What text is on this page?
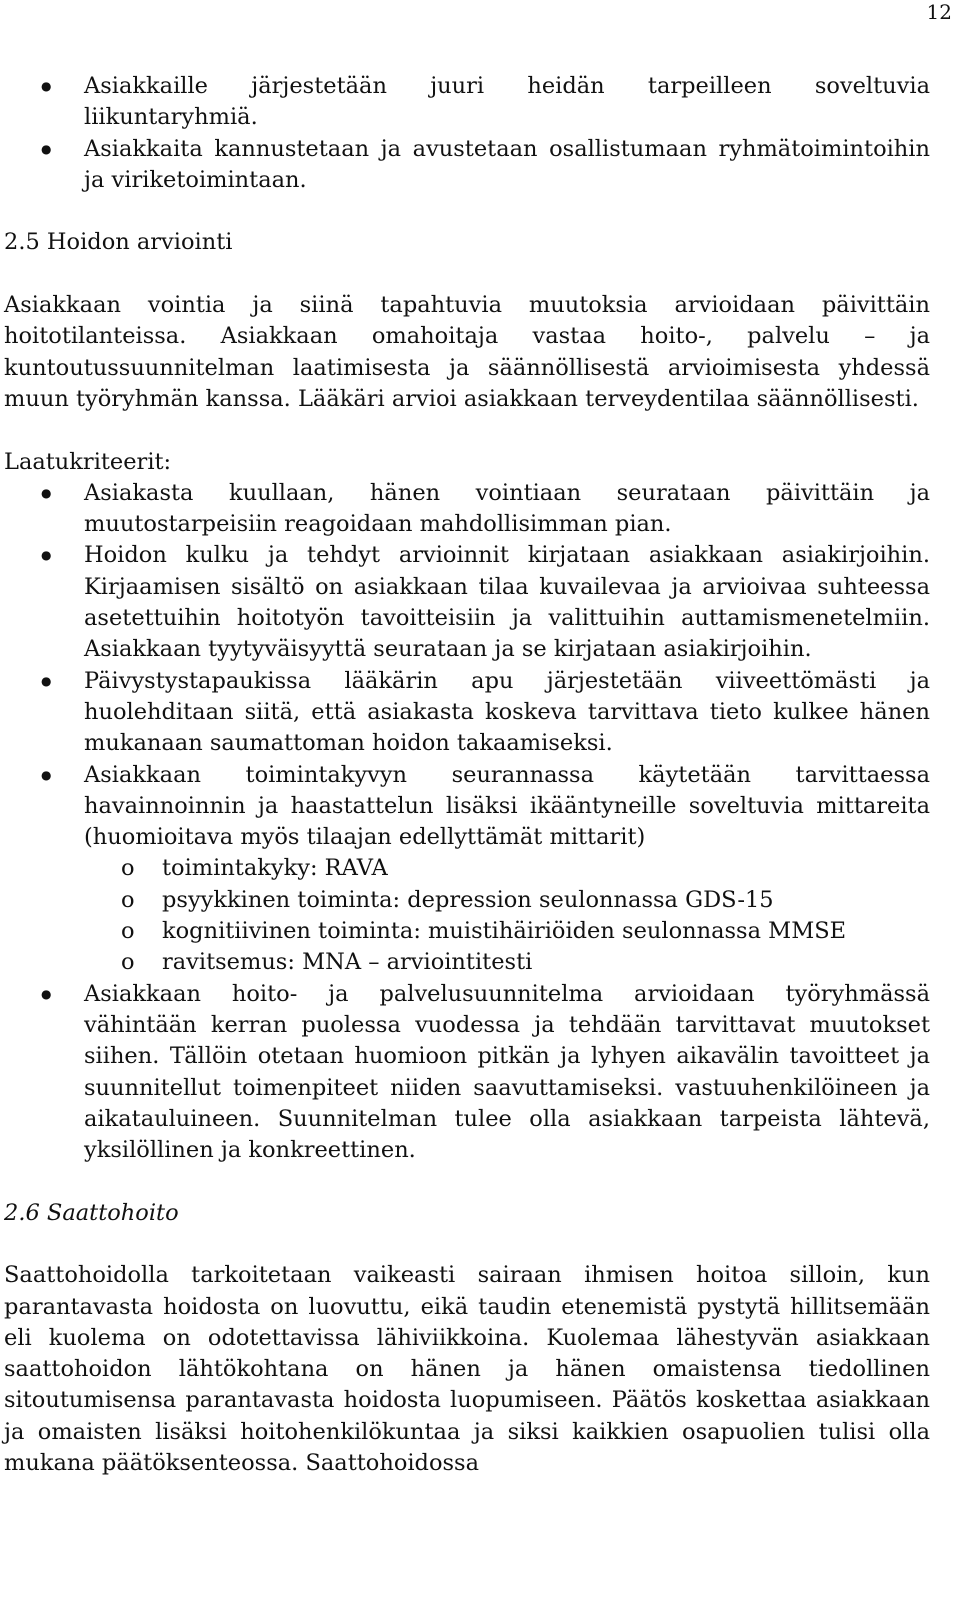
12
● Asiakkaille järjestetään juuri heidän tarpeilleen soveltuvia liikuntaryhmiä.
● Asiakkaita kannustetaan ja avustetaan osallistumaan ryhmätoimintoihin ja viriketoimintaan.

2.5 Hoidon arviointi

Asiakkaan vointia ja siinä tapahtuvia muutoksia arvioidaan päivittäin hoitotilanteissa. Asiakkaan omahoitaja vastaa hoito-, palvelu – ja kuntoutussuunnitelman laatimisesta ja säännöllisestä arvioimisesta yhdessä muun työryhmän kanssa. Lääkäri arvioi asiakkaan terveydentilaa säännöllisesti.

Laatukriteerit:

● Asiakasta kuullaan, hänen vointiaan seurataan päivittäin ja muutostarpeisiin reagoidaan mahdollisimman pian.
● Hoidon kulku ja tehdyt arvioinnit kirjataan asiakkaan asiakirjoihin. Kirjaamisen sisältö on asiakkaan tilaa kuvailevaa ja arvioivaa suhteessa asetettuihin hoitotyön tavoitteisiin ja valittuihin auttamismenetelmiin. Asiakkaan tyytyväisyyttä seurataan ja se kirjataan asiakirjoihin.
● Päivystystapaukissa lääkärin apu järjestetään viiveettömästi ja huolehditaan siitä, että asiakasta koskeva tarvittava tieto kulkee hänen mukanaan saumattoman hoidon takaamiseksi.
● Asiakkaan toimintakyvyn seurannassa käytetään tarvittaessa havainnoinnin ja haastattelun lisäksi ikääntyneille soveltuvia mittareita (huomioitava myös tilaajan edellyttämät mittarit)
o toimintakyky: RAVA
o psyykkinen toiminta: depression seulonnassa GDS-15
o kognitiivinen toiminta: muistihäiriöiden seulonnassa MMSE
o ravitsemus: MNA – arviointitesti
● Asiakkaan hoito- ja palvelusuunnitelma arvioidaan työryhmässä vähintään kerran puolessa vuodessa ja tehdään tarvittavat muutokset siihen. Tällöin otetaan huomioon pitkän ja lyhyen aikavälin tavoitteet ja suunnitellut toimenpiteet niiden saavuttamiseksi. vastuuhenkilöineen ja aikatauluineen. Suunnitelman tulee olla asiakkaan tarpeista lähtevä, yksilöllinen ja konkreettinen.

2.6 Saattohoito

Saattohoidolla tarkoitetaan vaikeasti sairaan ihmisen hoitoa silloin, kun parantavasta hoidosta on luovuttu, eikä taudin etenemistä pystytä hillitsemään eli kuolema on odotettavissa lähiviikkoina. Kuolemaa lähestyvän asiakkaan saattohoidon lähtökohtana on hänen ja hänen omaistensa tiedollinen sitoutumisensa parantavasta hoidosta luopumiseen. Päätös koskettaa asiakkaan ja omaisten lisäksi hoitohenkilökuntaa ja siksi kaikkien osapuolien tulisi olla mukana päätöksenteossa. Saattohoidossa
